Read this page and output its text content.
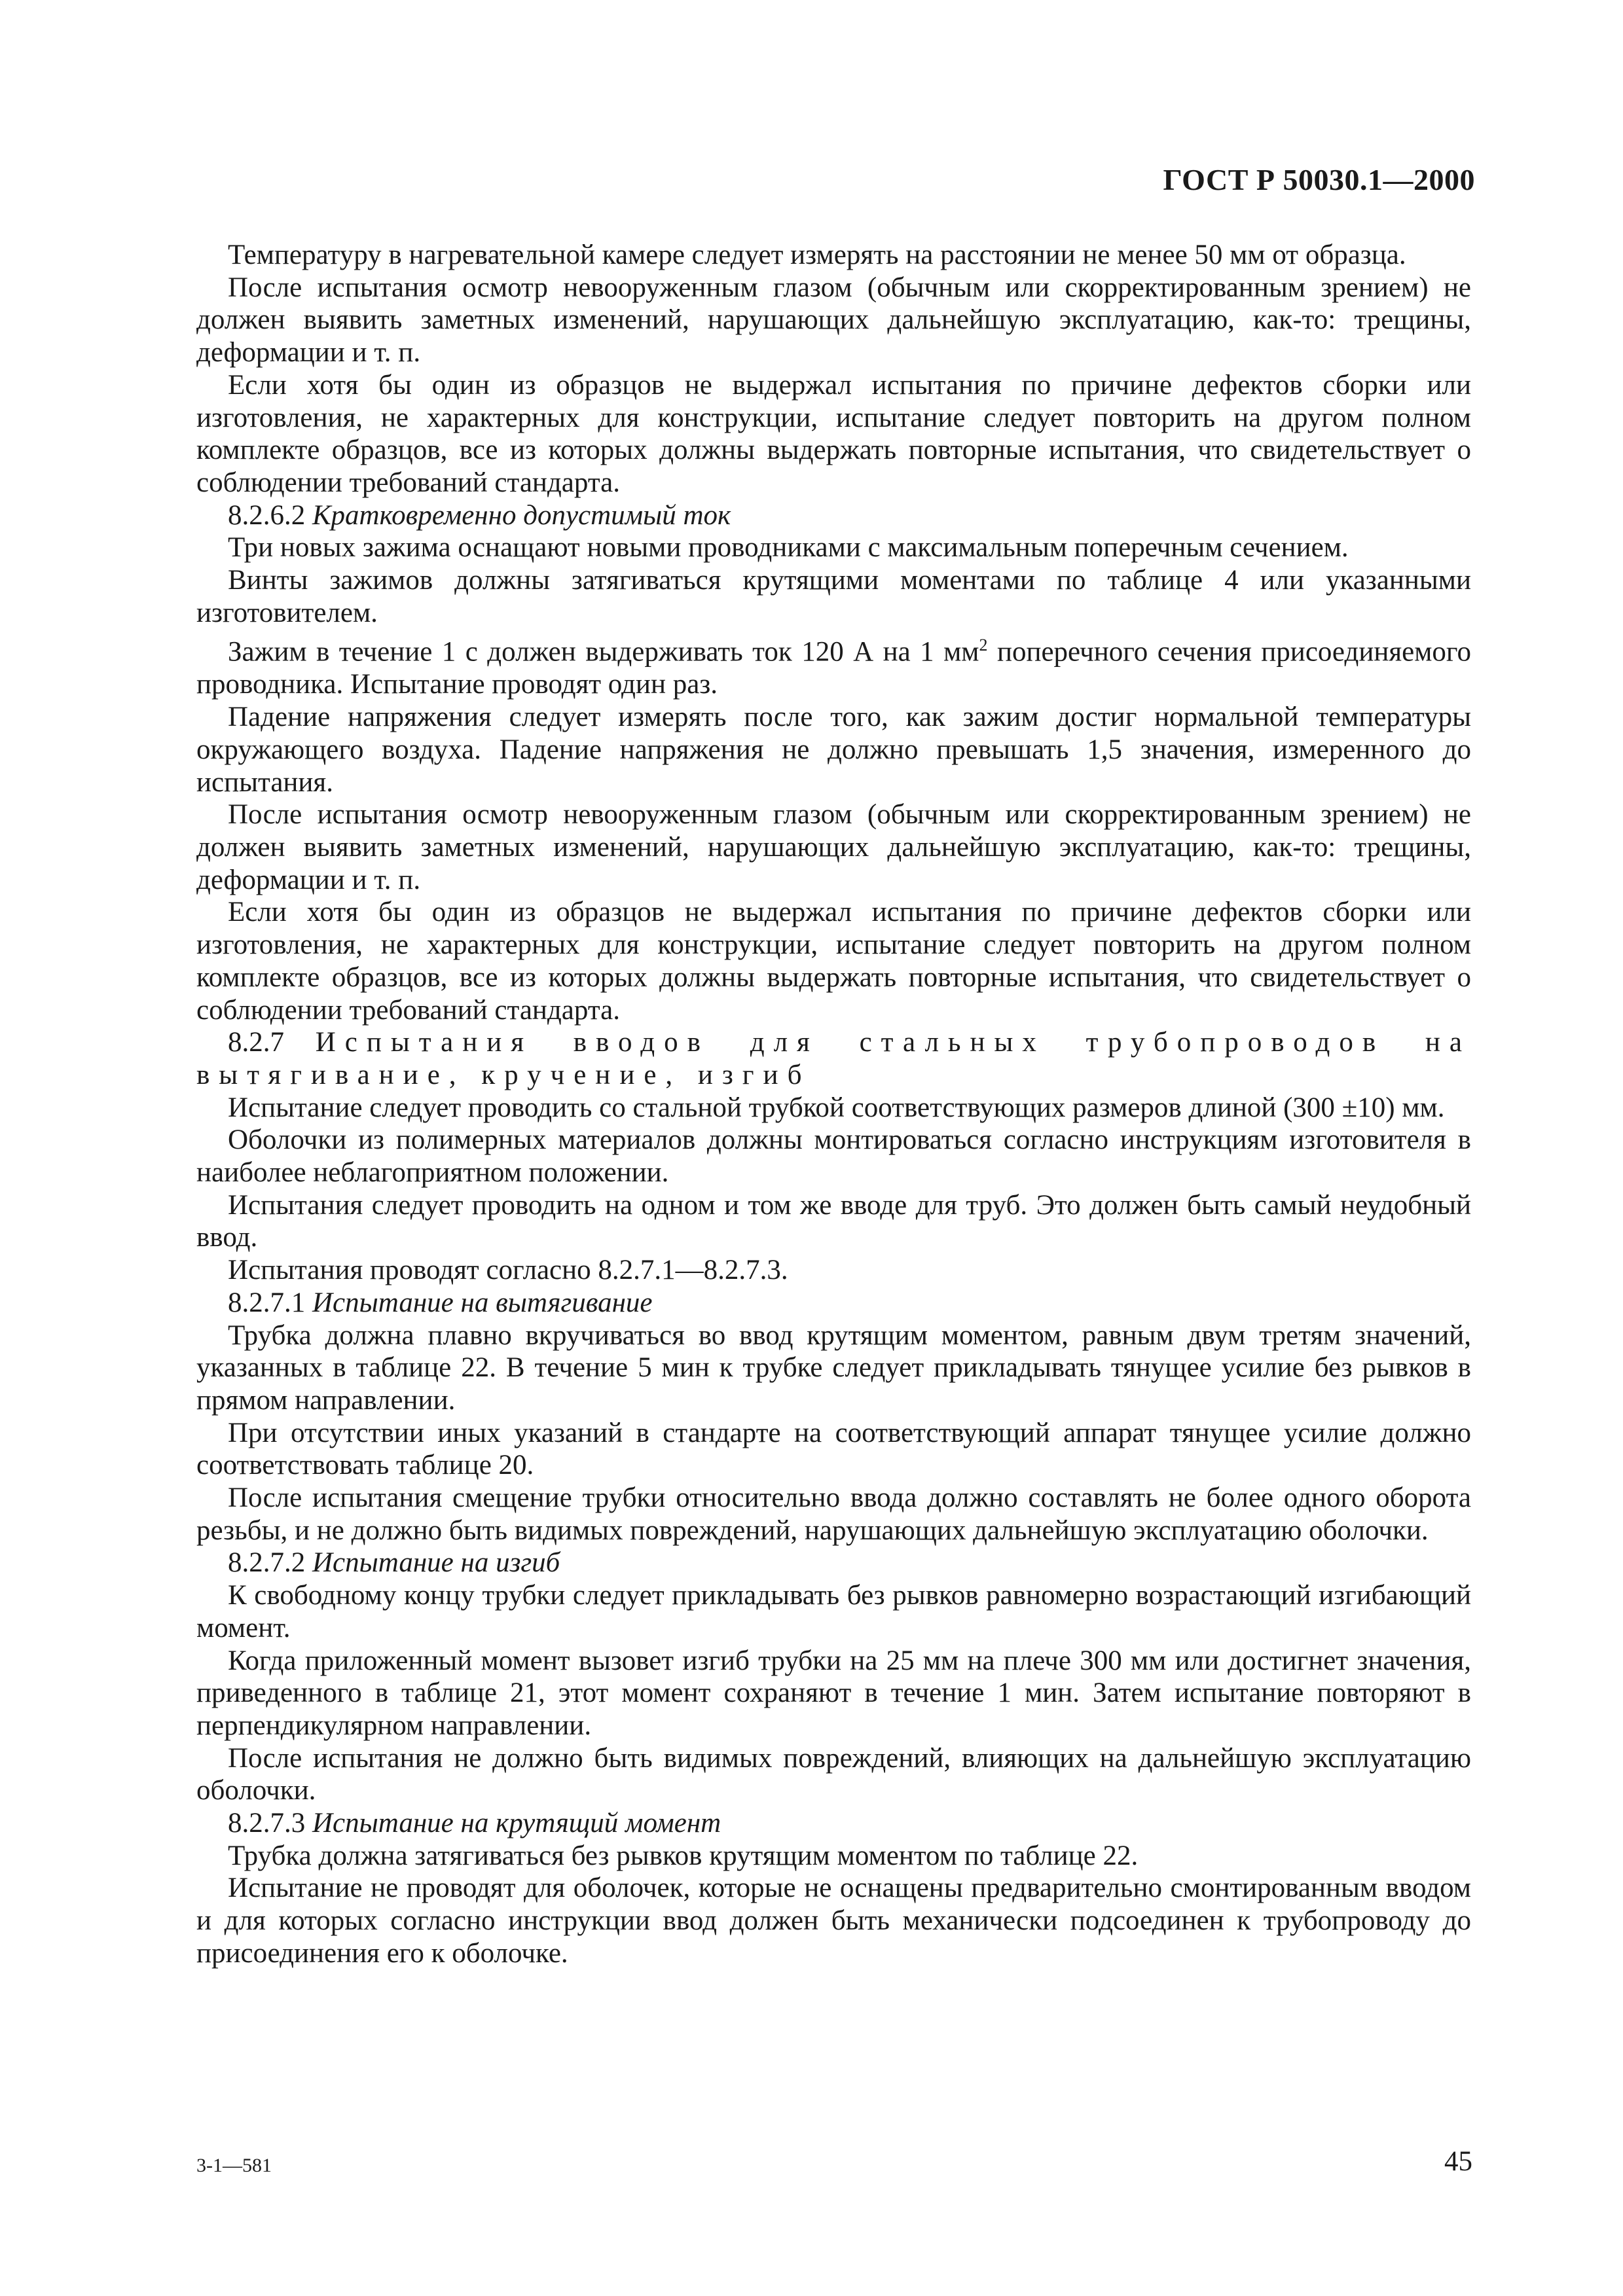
ГОСТ Р 50030.1—2000

Температуру в нагревательной камере следует измерять на расстоянии не менее 50 мм от образца.

После испытания осмотр невооруженным глазом (обычным или скорректированным зрением) не должен выявить заметных изменений, нарушающих дальнейшую эксплуатацию, как-то: трещины, деформации и т. п.

Если хотя бы один из образцов не выдержал испытания по причине дефектов сборки или изготовления, не характерных для конструкции, испытание следует повторить на другом полном комплекте образцов, все из которых должны выдержать повторные испытания, что свидетельствует о соблюдении требований стандарта.

8.2.6.2 Кратковременно допустимый ток

Три новых зажима оснащают новыми проводниками с максимальным поперечным сечением.

Винты зажимов должны затягиваться крутящими моментами по таблице 4 или указанными изготовителем.

Зажим в течение 1 с должен выдерживать ток 120 А на 1 $мм^2$ поперечного сечения присоединяемого проводника. Испытание проводят один раз.

Падение напряжения следует измерять после того, как зажим достиг нормальной температуры окружающего воздуха. Падение напряжения не должно превышать 1,5 значения, измеренного до испытания.

После испытания осмотр невооруженным глазом (обычным или скорректированным зрением) не должен выявить заметных изменений, нарушающих дальнейшую эксплуатацию, как-то: трещины, деформации и т. п.

Если хотя бы один из образцов не выдержал испытания по причине дефектов сборки или изготовления, не характерных для конструкции, испытание следует повторить на другом полном комплекте образцов, все из которых должны выдержать повторные испытания, что свидетельствует о соблюдении требований стандарта.

8.2.7 Испытания вводов для стальных трубопроводов на вытягивание, кручение, изгиб

Испытание следует проводить со стальной трубкой соответствующих размеров длиной (300 ±10) мм.

Оболочки из полимерных материалов должны монтироваться согласно инструкциям изготовителя в наиболее неблагоприятном положении.

Испытания следует проводить на одном и том же вводе для труб. Это должен быть самый неудобный ввод.

Испытания проводят согласно 8.2.7.1—8.2.7.3.

8.2.7.1 Испытание на вытягивание

Трубка должна плавно вкручиваться во ввод крутящим моментом, равным двум третям значений, указанных в таблице 22. В течение 5 мин к трубке следует прикладывать тянущее усилие без рывков в прямом направлении.

При отсутствии иных указаний в стандарте на соответствующий аппарат тянущее усилие должно соответствовать таблице 20.

После испытания смещение трубки относительно ввода должно составлять не более одного оборота резьбы, и не должно быть видимых повреждений, нарушающих дальнейшую эксплуатацию оболочки.

8.2.7.2 Испытание на изгиб

К свободному концу трубки следует прикладывать без рывков равномерно возрастающий изгибающий момент.

Когда приложенный момент вызовет изгиб трубки на 25 мм на плече 300 мм или достигнет значения, приведенного в таблице 21, этот момент сохраняют в течение 1 мин. Затем испытание повторяют в перпендикулярном направлении.

После испытания не должно быть видимых повреждений, влияющих на дальнейшую эксплуатацию оболочки.

8.2.7.3 Испытание на крутящий момент

Трубка должна затягиваться без рывков крутящим моментом по таблице 22.

Испытание не проводят для оболочек, которые не оснащены предварительно смонтированным вводом и для которых согласно инструкции ввод должен быть механически подсоединен к трубопроводу до присоединения его к оболочке.

3-1—581	45
